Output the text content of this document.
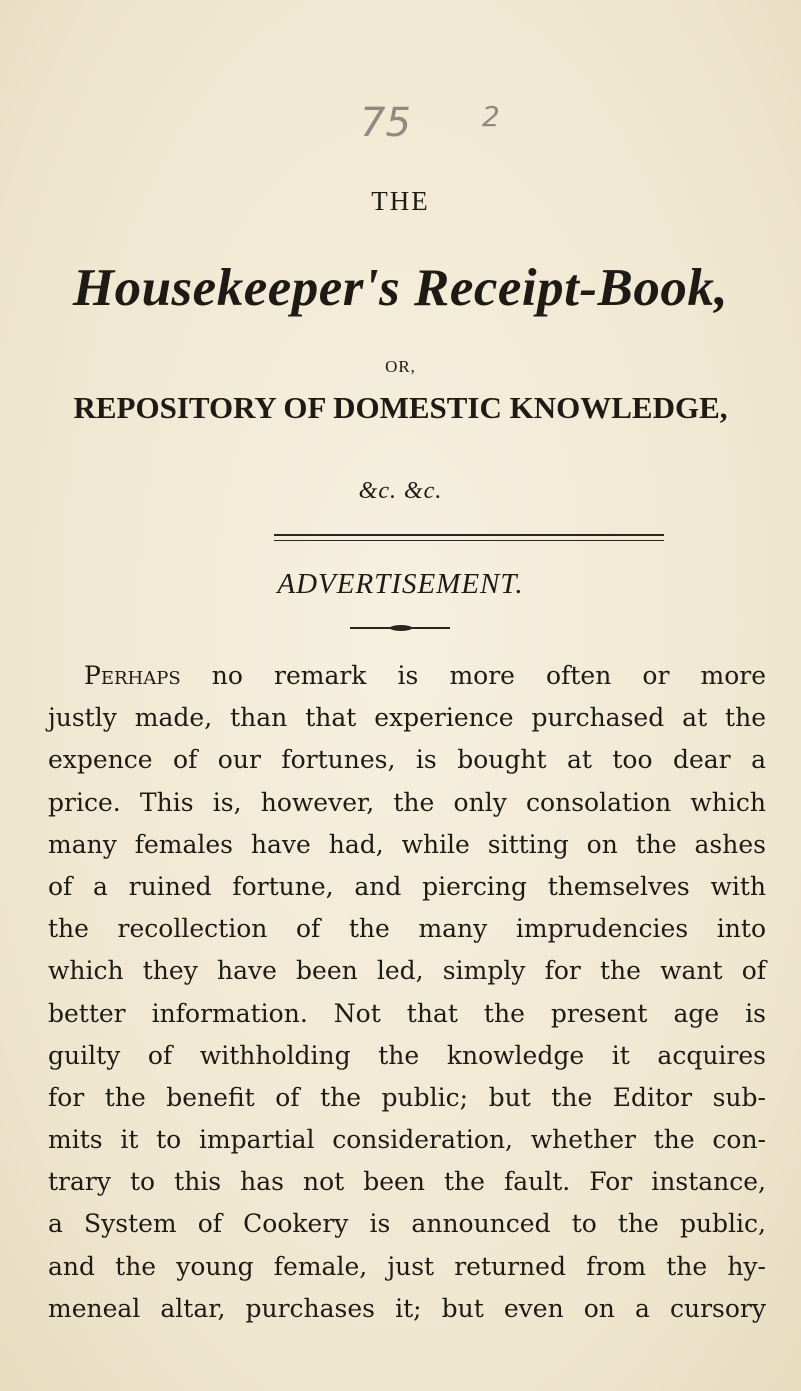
75	2
THE
Housekeeper's Receipt-Book,
OR,
REPOSITORY OF DOMESTIC KNOWLEDGE,
&c. &c.
ADVERTISEMENT.
Perhaps no remark is more often or more
justly made, than that experience purchased at the
expence of our fortunes, is bought at too dear a
price. This is, however, the only consolation which
many females have had, while sitting on the ashes
of a ruined fortune, and piercing themselves with
the recollection of the many imprudencies into
which they have been led, simply for the want of
better information. Not that the present age is
guilty of withholding the knowledge it acquires
for the benefit of the public; but the Editor sub-
mits it to impartial consideration, whether the con-
trary to this has not been the fault. For instance,
a System of Cookery is announced to the public,
and the young female, just returned from the hy-
meneal altar, purchases it; but even on a cursory
